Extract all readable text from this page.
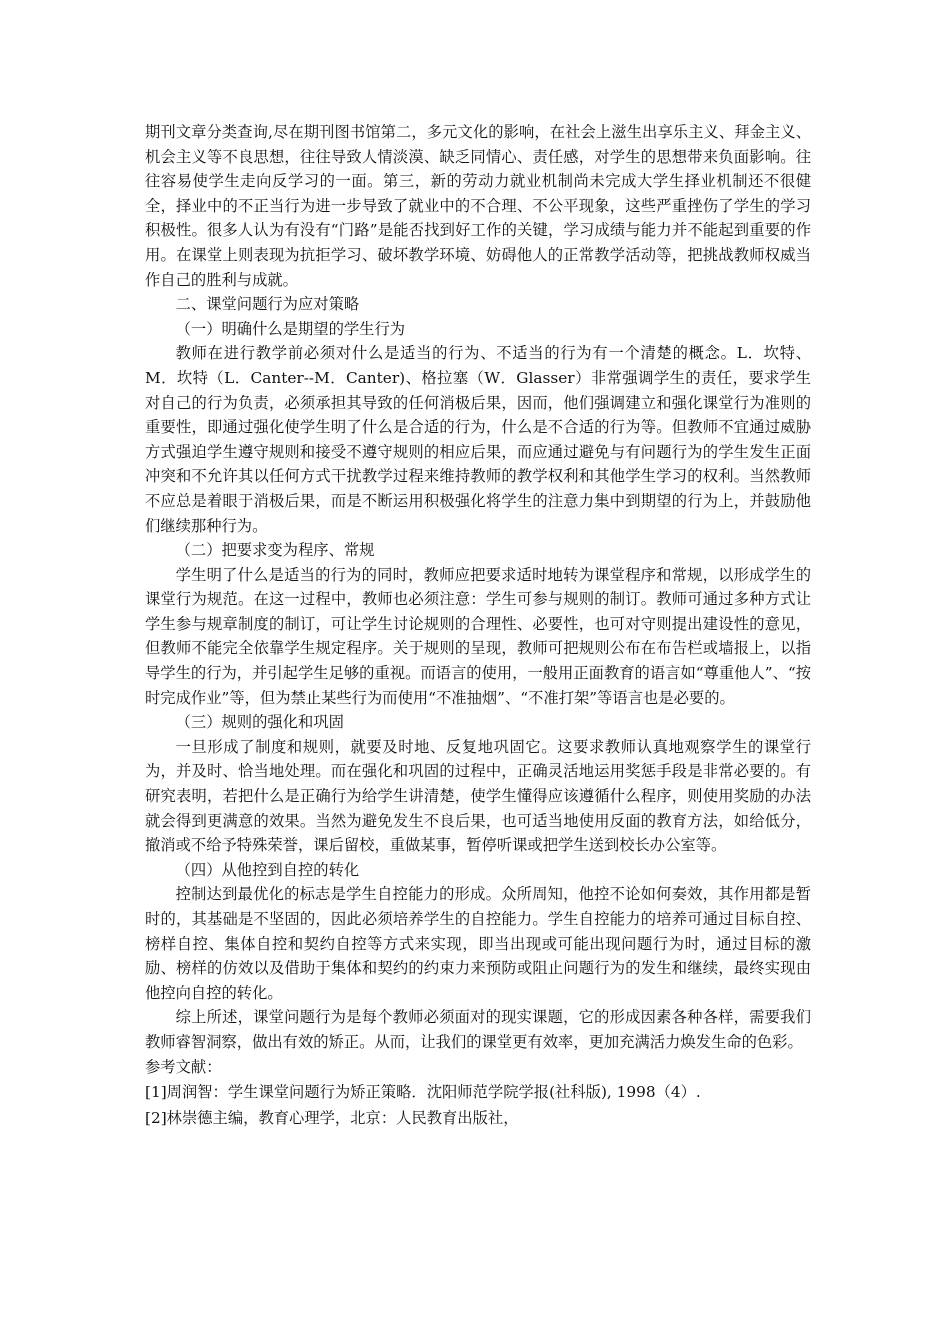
期刊文章分类查询,尽在期刊图书馆第二，多元文化的影响，在社会上滋生出享乐主义、拜金主义、机会主义等不良思想，往往导致人情淡漠、缺乏同情心、责任感，对学生的思想带来负面影响。往往容易使学生走向反学习的一面。第三，新的劳动力就业机制尚未完成大学生择业机制还不很健全，择业中的不正当行为进一步导致了就业中的不合理、不公平现象，这些严重挫伤了学生的学习积极性。很多人认为有没有“门路”是能否找到好工作的关键，学习成绩与能力并不能起到重要的作用。在课堂上则表现为抗拒学习、破坏教学环境、妨碍他人的正常教学活动等，把挑战教师权威当作自己的胜利与成就。

二、课堂问题行为应对策略

（一）明确什么是期望的学生行为

教师在进行教学前必须对什么是适当的行为、不适当的行为有一个清楚的概念。L．坎特、M．坎特（L．Canter--M．Canter)、格拉塞（W．Glasser）非常强调学生的责任，要求学生对自己的行为负责，必须承担其导致的任何消极后果，因而，他们强调建立和强化课堂行为准则的重要性，即通过强化使学生明了什么是合适的行为，什么是不合适的行为等。但教师不宜通过威胁方式强迫学生遵守规则和接受不遵守规则的相应后果，而应通过避免与有问题行为的学生发生正面冲突和不允许其以任何方式干扰教学过程来维持教师的教学权利和其他学生学习的权利。当然教师不应总是着眼于消极后果，而是不断运用积极强化将学生的注意力集中到期望的行为上，并鼓励他们继续那种行为。

（二）把要求变为程序、常规

学生明了什么是适当的行为的同时，教师应把要求适时地转为课堂程序和常规，以形成学生的课堂行为规范。在这一过程中，教师也必须注意：学生可参与规则的制订。教师可通过多种方式让学生参与规章制度的制订，可让学生讨论规则的合理性、必要性，也可对守则提出建设性的意见，但教师不能完全依靠学生规定程序。关于规则的呈现，教师可把规则公布在布告栏或墙报上，以指导学生的行为，并引起学生足够的重视。而语言的使用，一般用正面教育的语言如“尊重他人”、“按时完成作业”等，但为禁止某些行为而使用“不准抽烟”、“不准打架”等语言也是必要的。

（三）规则的强化和巩固

一旦形成了制度和规则，就要及时地、反复地巩固它。这要求教师认真地观察学生的课堂行为，并及时、恰当地处理。而在强化和巩固的过程中，正确灵活地运用奖惩手段是非常必要的。有研究表明，若把什么是正确行为给学生讲清楚，使学生懂得应该遵循什么程序，则使用奖励的办法就会得到更满意的效果。当然为避免发生不良后果，也可适当地使用反面的教育方法，如给低分，撤消或不给予特殊荣誉，课后留校，重做某事，暂停听课或把学生送到校长办公室等。

（四）从他控到自控的转化

控制达到最优化的标志是学生自控能力的形成。众所周知，他控不论如何奏效，其作用都是暂时的，其基础是不坚固的，因此必须培养学生的自控能力。学生自控能力的培养可通过目标自控、榜样自控、集体自控和契约自控等方式来实现，即当出现或可能出现问题行为时，通过目标的激励、榜样的仿效以及借助于集体和契约的约束力来预防或阻止问题行为的发生和继续，最终实现由他控向自控的转化。

综上所述，课堂问题行为是每个教师必须面对的现实课题，它的形成因素各种各样，需要我们教师睿智洞察，做出有效的矫正。从而，让我们的课堂更有效率，更加充满活力焕发生命的色彩。

参考文献：

[1]周润智：学生课堂问题行为矫正策略．沈阳师范学院学报(社科版), 1998（4）.

[2]林崇德主编，教育心理学，北京：人民教育出版社，
